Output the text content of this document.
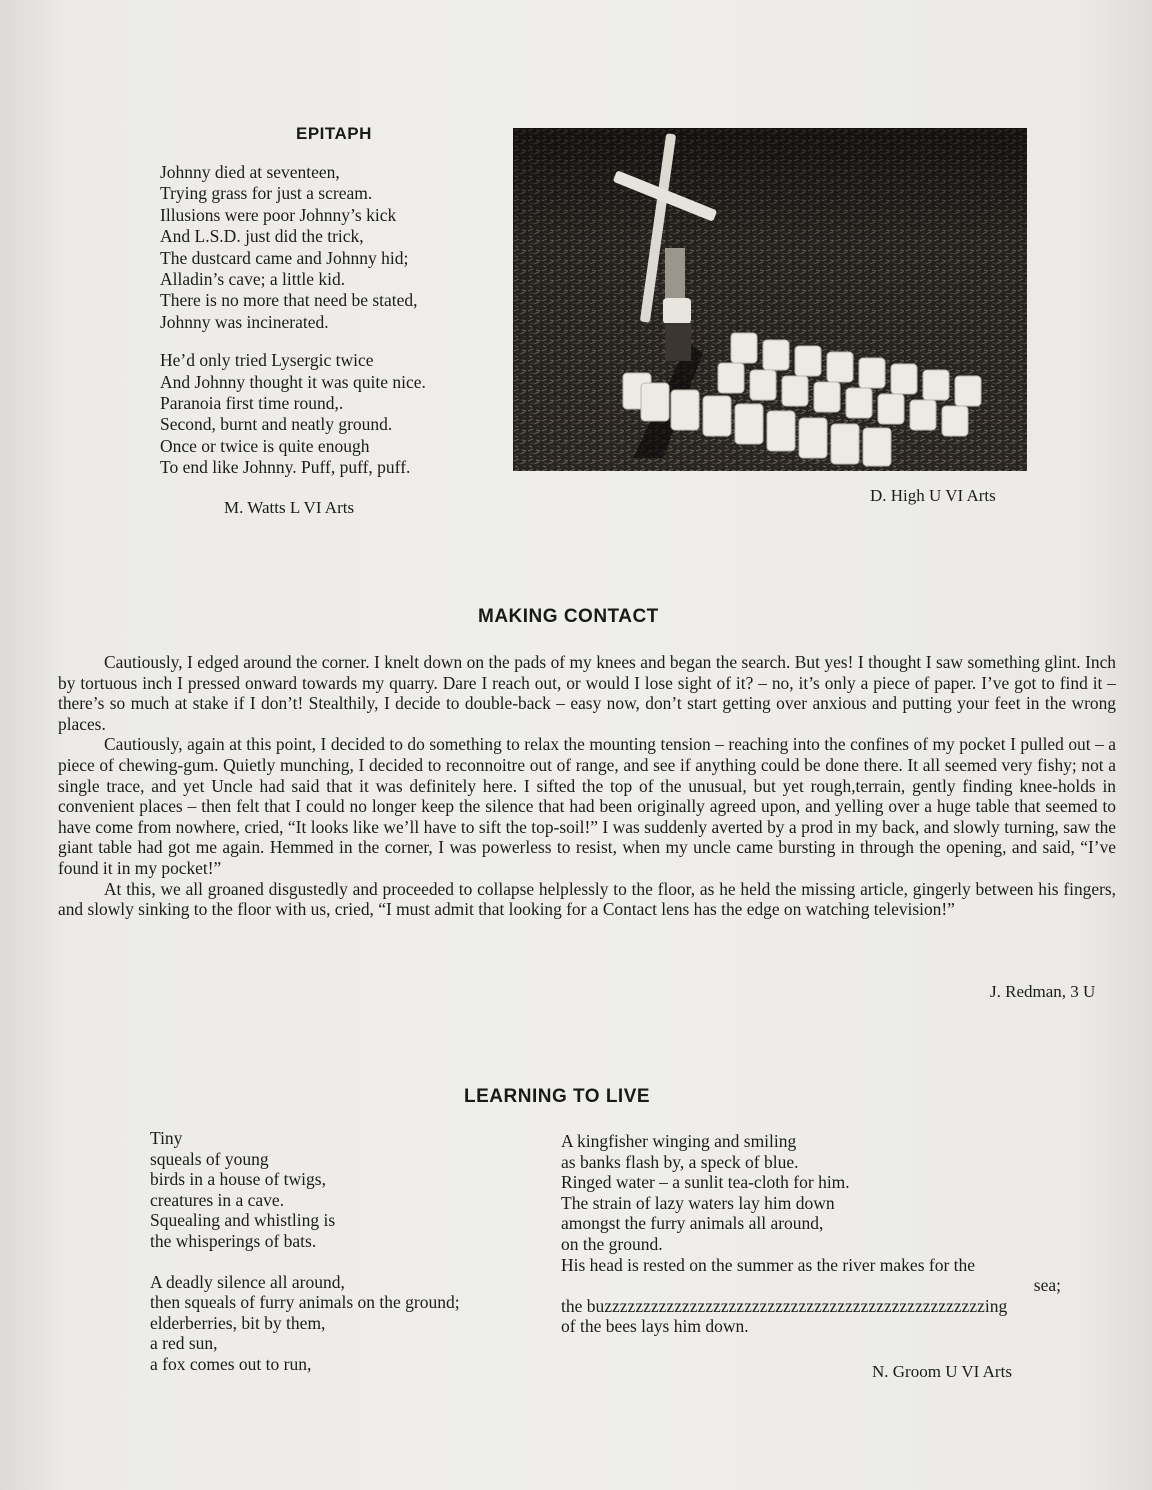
EPITAPH

Johnny died at seventeen,

Trying grass for just a scream.

Illusions were poor Johnny’s kick

And L.S.D. just did the trick,

The dustcard came and Johnny hid;

Alladin’s cave; a little kid.

There is no more that need be stated,

Johnny was incinerated.

He’d only tried Lysergic twice

And Johnny thought it was quite nice.

Paranoia first time round,.

Second, burnt and neatly ground.

Once or twice is quite enough

To end like Johnny. Puff, puff, puff.

M. Watts L VI Arts

D. High U VI Arts

MAKING CONTACT

Cautiously, I edged around the corner. I knelt down on the pads of my knees and began the search. But yes! I thought I saw something glint. Inch by tortuous inch I pressed onward towards my quarry. Dare I reach out, or would I lose sight of it? – no, it’s only a piece of paper. I’ve got to find it – there’s so much at stake if I don’t! Stealthily, I decide to double-back – easy now, don’t start getting over anxious and putting your feet in the wrong places.

Cautiously, again at this point, I decided to do something to relax the mounting tension – reaching into the confines of my pocket I pulled out – a piece of chewing-gum. Quietly munching, I decided to reconnoitre out of range, and see if anything could be done there. It all seemed very fishy; not a single trace, and yet Uncle had said that it was definitely here. I sifted the top of the unusual, but yet rough,terrain, gently finding knee-holds in convenient places – then felt that I could no longer keep the silence that had been originally agreed upon, and yelling over a huge table that seemed to have come from nowhere, cried, “It looks like we’ll have to sift the top-soil!” I was suddenly averted by a prod in my back, and slowly turning, saw the giant table had got me again. Hemmed in the corner, I was powerless to resist, when my uncle came bursting in through the opening, and said, “I’ve found it in my pocket!”

At this, we all groaned disgustedly and proceeded to collapse helplessly to the floor, as he held the missing article, gingerly between his fingers, and slowly sinking to the floor with us, cried, “I must admit that looking for a Contact lens has the edge on watching television!”

J. Redman, 3 U

LEARNING TO LIVE

Tiny

squeals of young

birds in a house of twigs,

creatures in a cave.

Squealing and whistling is

the whisperings of bats.

A deadly silence all around,

then squeals of furry animals on the ground;

elderberries, bit by them,

a red sun,

a fox comes out to run,

A kingfisher winging and smiling

as banks flash by, a speck of blue.

Ringed water – a sunlit tea-cloth for him.

The strain of lazy waters lay him down

amongst the furry animals all around,

on the ground.

His head is rested on the summer as the river makes for the

sea;

the buzzzzzzzzzzzzzzzzzzzzzzzzzzzzzzzzzzzzzzzzzzzzzzzzzing

of the bees lays him down.

N. Groom U VI Arts
